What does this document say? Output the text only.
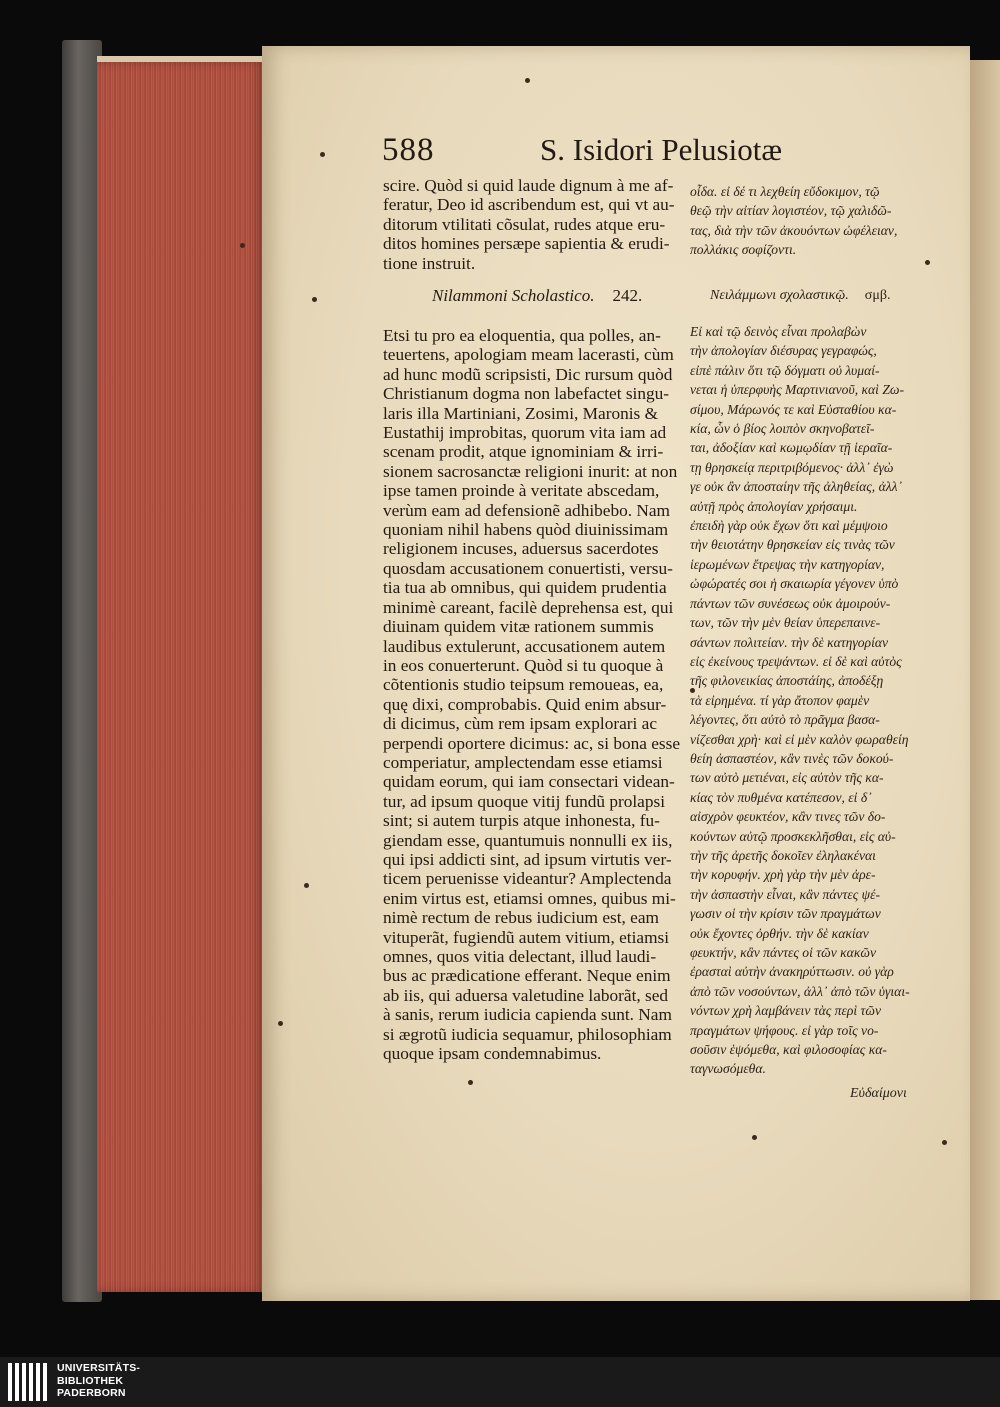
588	S. Isidori Pelusiotæ
scire. Quòd si quid laude dignum à me af-
feratur, Deo id ascribendum est, qui vt au-
ditorum vtilitati cõsulat, rudes atque eru-
ditos homines persæpe sapientia & erudi-
tione instruit.
οἶδα. εἰ δέ τι λεχθείη εὔδοκιμον, τῷ
θεῷ τὴν αἰτίαν λογιστέον, τῷ χαλιδῶ-
τας, διὰ τὴν τῶν ἀκουόντων ὠφέλειαν,
πολλάκις σοφίζοντι.
Nilammoni Scholastico. 242.	Νειλάμμωνι σχολαστικῷ. σμβ.
Etsi tu pro ea eloquentia, qua polles, an-
teuertens, apologiam meam lacerasti, cùm
ad hunc modũ scripsisti, Dic rursum quòd
Christianum dogma non labefactet singu-
laris illa Martiniani, Zosimi, Maronis &
Eustathij improbitas, quorum vita iam ad
scenam prodit, atque ignominiam & irri-
sionem sacrosanctæ religioni inurit: at non
ipse tamen proinde à veritate abscedam,
verùm eam ad defensionẽ adhibebo. Nam
quoniam nihil habens quòd diuinissimam
religionem incuses, aduersus sacerdotes
quosdam accusationem conuertisti, versu-
tia tua ab omnibus, qui quidem prudentia
minimè careant, facilè deprehensa est, qui
diuinam quidem vitæ rationem summis
laudibus extulerunt, accusationem autem
in eos conuerterunt. Quòd si tu quoque à
cõtentionis studio teipsum remoueas, ea,
quę dixi, comprobabis. Quid enim absur-
di dicimus, cùm rem ipsam explorari ac
perpendi oportere dicimus: ac, si bona esse
comperiatur, amplectendam esse etiamsi
quidam eorum, qui iam consectari videan-
tur, ad ipsum quoque vitij fundũ prolapsi
sint; si autem turpis atque inhonesta, fu-
giendam esse, quantumuis nonnulli ex iis,
qui ipsi addicti sint, ad ipsum virtutis ver-
ticem peruenisse videantur? Amplectenda
enim virtus est, etiamsi omnes, quibus mi-
nimè rectum de rebus iudicium est, eam
vituperãt, fugiendũ autem vitium, etiamsi
omnes, quos vitia delectant, illud laudi-
bus ac prædicatione efferant. Neque enim
ab iis, qui aduersa valetudine laborãt, sed
à sanis, rerum iudicia capienda sunt. Nam
si ægrotũ iudicia sequamur, philosophiam
quoque ipsam condemnabimus.
Εἰ καὶ τῷ δεινὸς εἶναι προλαβὼν
τὴν ἀπολογίαν διέσυρας γεγραφώς,
εἰπὲ πάλιν ὅτι τῷ δόγματι οὐ λυμαί-
νεται ἡ ὑπερφυὴς Μαρτινιανοῦ, καὶ Ζω-
σίμου, Μάρωνός τε καὶ Εὐσταθίου κα-
κία, ὧν ὁ βίος λοιπὸν σκηνοβατεῖ-
ται, ἀδοξίαν καὶ κωμῳδίαν τῇ ἱεραῖα-
τῃ θρησκείᾳ περιτριβόμενος· ἀλλ᾽ ἐγὼ
γε οὐκ ἂν ἀποσταίην τῆς ἀληθείας, ἀλλ᾽
αὐτῇ πρὸς ἀπολογίαν χρήσαιμι.
ἐπειδὴ γὰρ οὐκ ἔχων ὅτι καὶ μέμψοιο
τὴν θειοτάτην θρησκείαν εἰς τινὰς τῶν
ἱερωμένων ἔτρεψας τὴν κατηγορίαν,
ὠφώρατές σοι ἡ σκαιωρία γέγονεν ὑπὸ
πάντων τῶν συνέσεως οὐκ ἀμοιρούν-
των, τῶν τὴν μὲν θείαν ὑπερεπαινε-
σάντων πολιτείαν. τὴν δὲ κατηγορίαν
εἰς ἐκείνους τρεψάντων. εἰ δὲ καὶ αὐτὸς
τῆς φιλονεικίας ἀποστάίης, ἀποδέξῃ
τὰ εἰρημένα. τί γὰρ ἄτοπον φαμὲν
λέγοντες, ὅτι αὐτὸ τὸ πρᾶγμα βασα-
νίζεσθαι χρὴ· καὶ εἰ μὲν καλὸν φωραθείη
θείη ἀσπαστέον, κἂν τινὲς τῶν δοκού-
των αὐτὸ μετιέναι, εἰς αὐτὸν τῆς κα-
κίας τὸν πυθμένα κατέπεσον, εἰ δ᾽
αἰσχρὸν φευκτέον, κἂν τινες τῶν δο-
κούντων αὐτῷ προσκεκλῆσθαι, εἰς αὐ-
τὴν τῆς ἀρετῆς δοκοῖεν ἐληλακέναι
τὴν κορυφήν. χρὴ γὰρ τὴν μὲν ἀρε-
τὴν ἀσπαστὴν εἶναι, κἂν πάντες ψέ-
γωσιν οἱ τὴν κρίσιν τῶν πραγμάτων
οὐκ ἔχοντες ὀρθήν. τὴν δὲ κακίαν
φευκτήν, κἂν πάντες οἱ τῶν κακῶν
ἐρασταὶ αὐτὴν ἀνακηρύττωσιν. οὐ γὰρ
ἀπὸ τῶν νοσούντων, ἀλλ᾽ ἀπὸ τῶν ὑγιαι-
νόντων χρὴ λαμβάνειν τὰς περὶ τῶν
πραγμάτων ψήφους. εἰ γὰρ τοῖς νο-
σοῦσιν ἑψόμεθα, καὶ φιλοσοφίας κα-
ταγνωσόμεθα.
Εὐδαίμονι
UNIVERSITÄTS-
BIBLIOTHEK
PADERBORN
